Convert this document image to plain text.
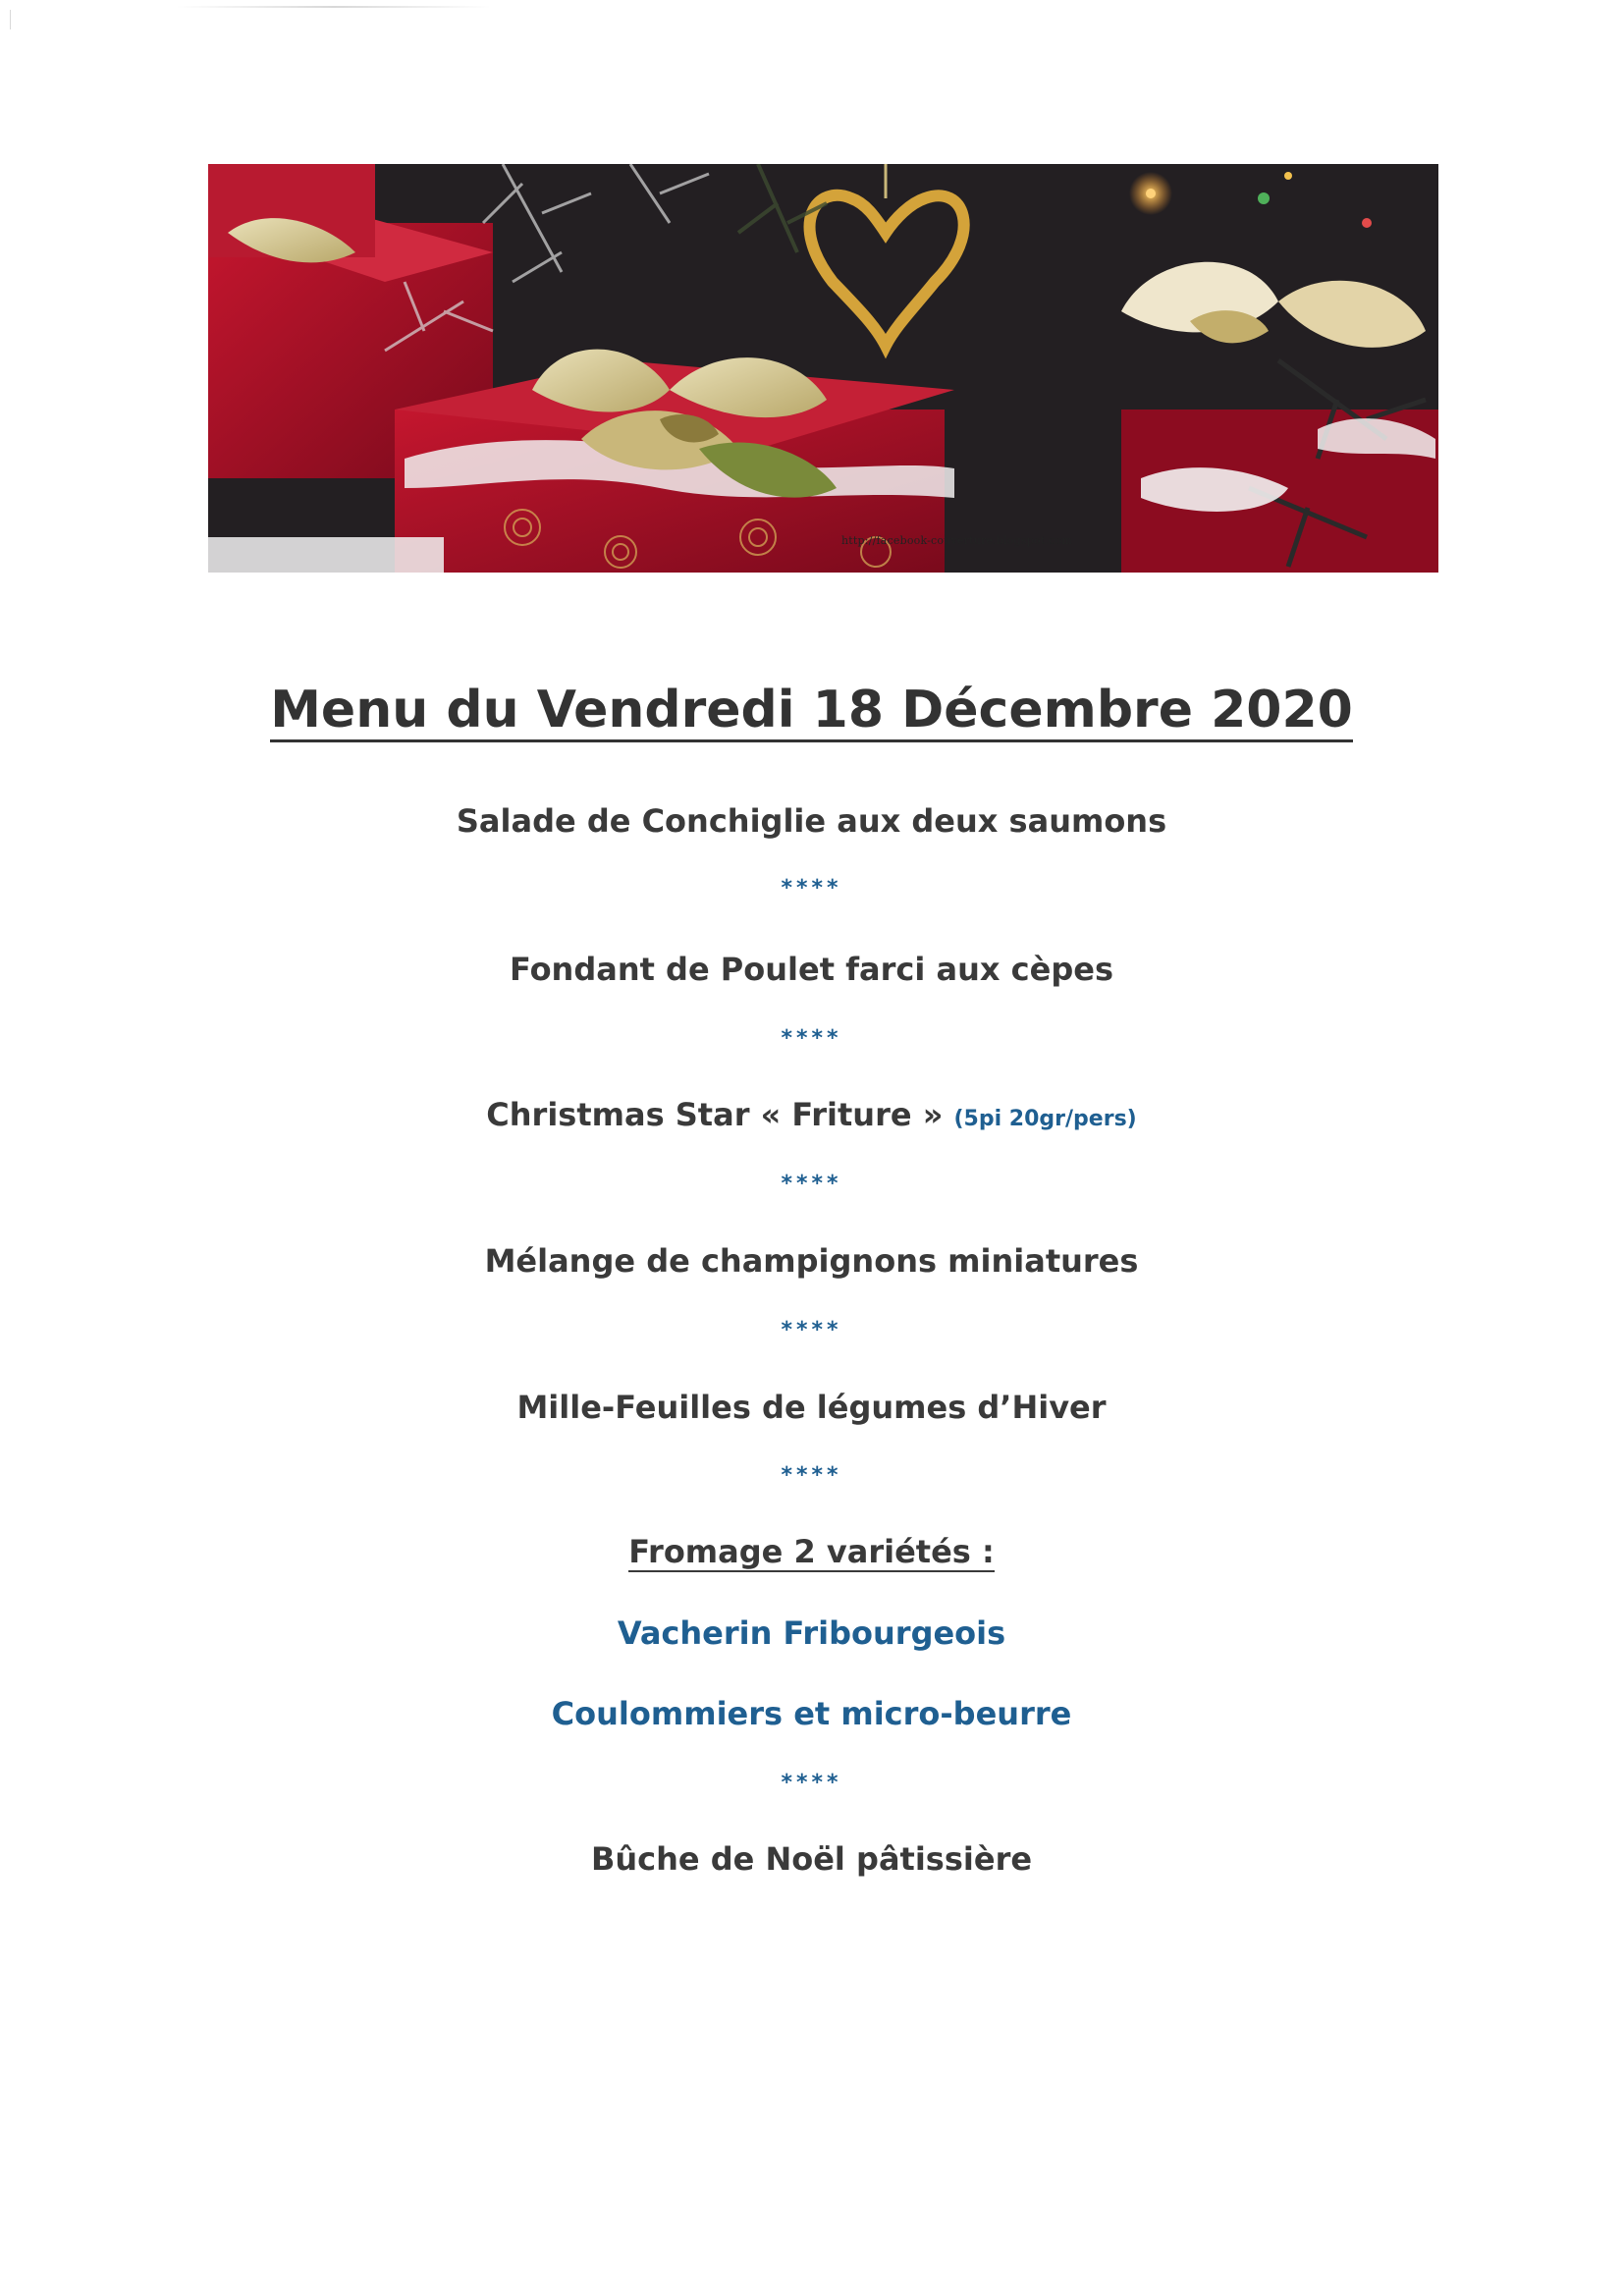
http://facebook-couverture.blogspot.com
Menu du Vendredi 18 Décembre 2020
Salade de Conchiglie aux deux saumons
****
Fondant de Poulet farci aux cèpes
****
Christmas Star « Friture » (5pi 20gr/pers)
****
Mélange de champignons miniatures
****
Mille-Feuilles de légumes d’Hiver
****
Fromage 2 variétés :
Vacherin Fribourgeois
Coulommiers et micro-beurre
****
Bûche de Noël pâtissière
